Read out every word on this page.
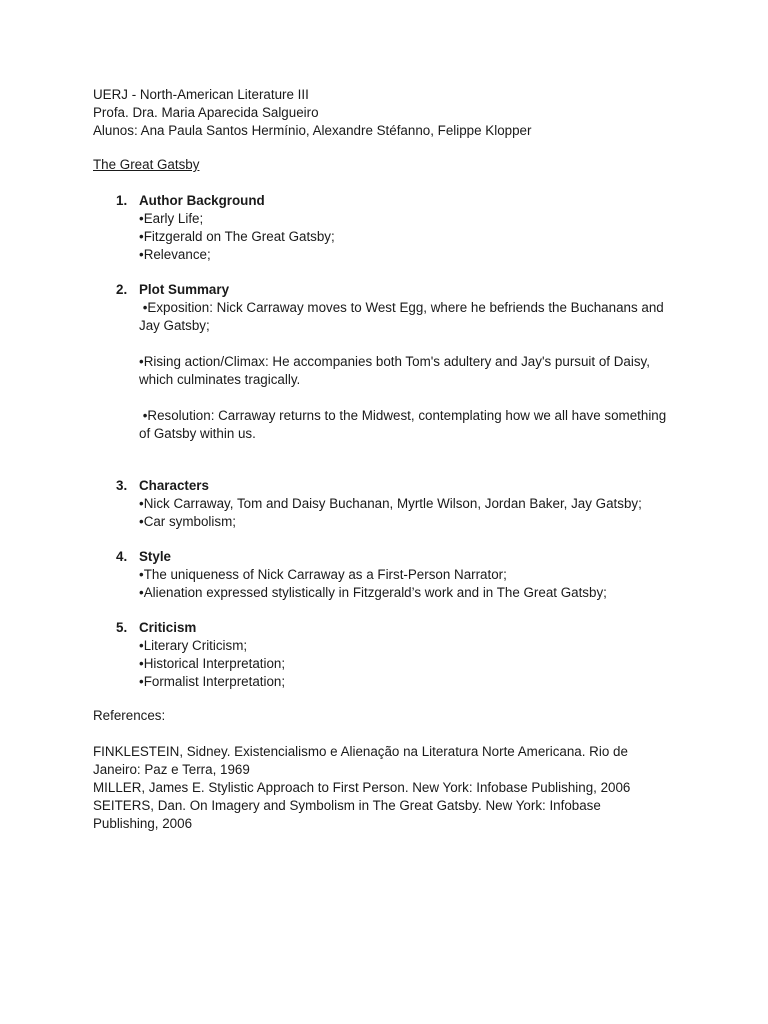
UERJ - North-American Literature III
Profa. Dra. Maria Aparecida Salgueiro
Alunos: Ana Paula Santos Hermínio, Alexandre Stéfanno, Felippe Klopper
The Great Gatsby
1. Author Background
•Early Life;
•Fitzgerald on The Great Gatsby;
•Relevance;
2. Plot Summary
•Exposition: Nick Carraway moves to West Egg, where he befriends the Buchanans and Jay Gatsby;
•Rising action/Climax: He accompanies both Tom's adultery and Jay's pursuit of Daisy, which culminates tragically.
•Resolution: Carraway returns to the Midwest, contemplating how we all have something of Gatsby within us.
3. Characters
•Nick Carraway, Tom and Daisy Buchanan, Myrtle Wilson, Jordan Baker, Jay Gatsby;
•Car symbolism;
4. Style
•The uniqueness of Nick Carraway as a First-Person Narrator;
•Alienation expressed stylistically in Fitzgerald’s work and in The Great Gatsby;
5. Criticism
•Literary Criticism;
•Historical Interpretation;
•Formalist Interpretation;
References:
FINKLESTEIN, Sidney. Existencialismo e Alienação na Literatura Norte Americana. Rio de Janeiro: Paz e Terra, 1969
MILLER, James E. Stylistic Approach to First Person. New York: Infobase Publishing, 2006
SEITERS, Dan. On Imagery and Symbolism in The Great Gatsby. New York: Infobase Publishing, 2006
